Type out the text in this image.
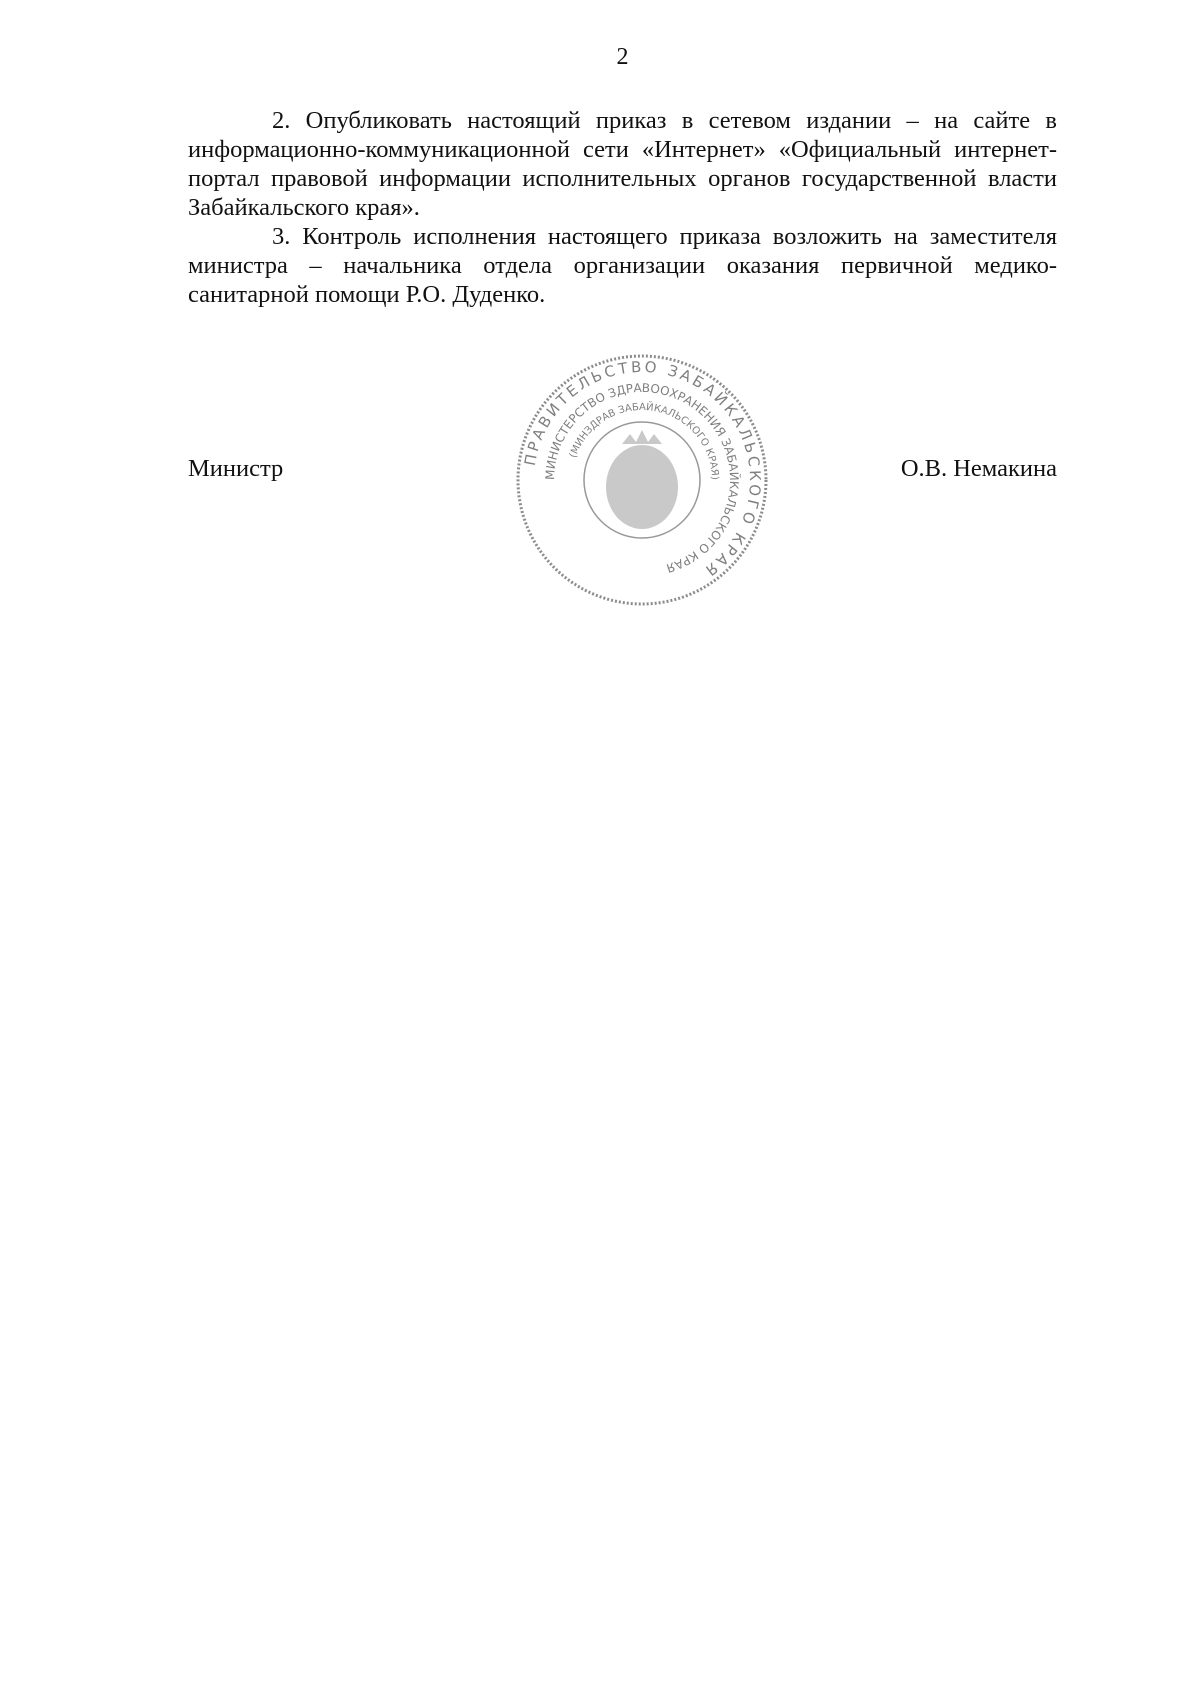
2

2. Опубликовать настоящий приказ в сетевом издании – на сайте в информационно-коммуникационной сети «Интернет» «Официальный интернет-портал правовой информации исполнительных органов государственной власти Забайкальского края».

3. Контроль исполнения настоящего приказа возложить на заместителя министра – начальника отдела организации оказания первичной медико-санитарной помощи Р.О. Дуденко.

Министр	О.В. Немакина
ПРАВИТЕЛЬСТВО ЗАБАЙКАЛЬСКОГО КРАЯ
МИНИСТЕРСТВО ЗДРАВООХРАНЕНИЯ ЗАБАЙКАЛЬСКОГО КРАЯ
(МИНЗДРАВ ЗАБАЙКАЛЬСКОГО КРАЯ)
